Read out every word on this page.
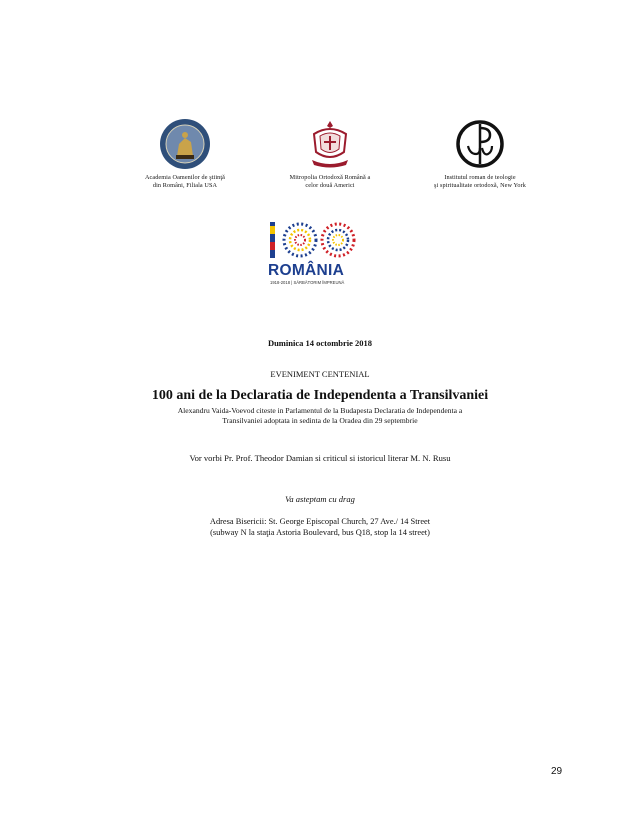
Academia Oamenilor de ştiinţă
din Români, Filiala USA
Mitropolia Ortodoxă Română a
celor două Americi
Institutul roman de teologie
şi spiritualitate ortodoxă, New York
ROMÂNIA
1918-2018 | SĂRBĂTORIM ÎMPREUNĂ
Duminica 14 octombrie 2018
EVENIMENT CENTENIAL
100 ani de la Declaratia de Independenta a Transilvaniei
Alexandru Vaida-Voevod citeste in Parlamentul de la Budapesta Declaratia de Independenta a
Transilvaniei adoptata in sedinta de la Oradea din 29 septembrie
Vor vorbi Pr. Prof. Theodor Damian si criticul si istoricul literar M. N. Rusu
Va asteptam cu drag
Adresa Bisericii: St. George Episcopal Church, 27 Ave./ 14 Street
(subway N la staţia Astoria Boulevard, bus Q18, stop la 14 street)
29
